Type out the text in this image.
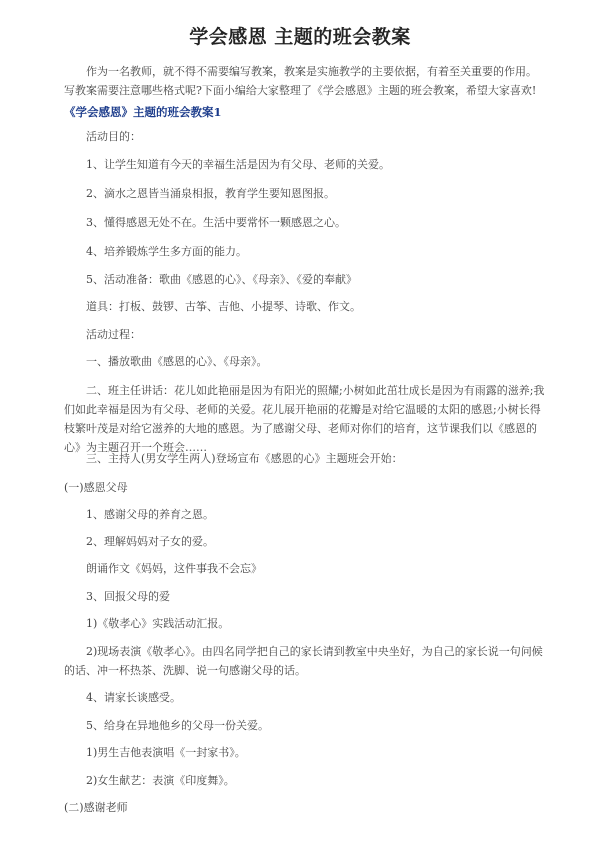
学会感恩 主题的班会教案
作为一名教师，就不得不需要编写教案，教案是实施教学的主要依据，有着至关重要的作用。写教案需要注意哪些格式呢?下面小编给大家整理了《学会感恩》主题的班会教案，希望大家喜欢!
《学会感恩》主题的班会教案1
活动目的：
1、让学生知道有今天的幸福生活是因为有父母、老师的关爱。
2、滴水之恩皆当涌泉相报，教育学生要知恩图报。
3、懂得感恩无处不在。生活中要常怀一颗感恩之心。
4、培养锻炼学生多方面的能力。
5、活动准备：歌曲《感恩的心》、《母亲》、《爱的奉献》
道具：打板、鼓锣、古筝、吉他、小提琴、诗歌、作文。
活动过程：
一、播放歌曲《感恩的心》、《母亲》。
二、班主任讲话：花儿如此艳丽是因为有阳光的照耀;小树如此茁壮成长是因为有雨露的滋养;我们如此幸福是因为有父母、老师的关爱。花儿展开艳丽的花瓣是对给它温暖的太阳的感恩;小树长得枝繁叶茂是对给它滋养的大地的感恩。为了感谢父母、老师对你们的培育，这节课我们以《感恩的心》为主题召开一个班会……
三、主持人(男女学生两人)登场宣布《感恩的心》主题班会开始：
(一)感恩父母
1、感谢父母的养育之恩。
2、理解妈妈对子女的爱。
朗诵作文《妈妈，这件事我不会忘》
3、回报父母的爱
1)《敬孝心》实践活动汇报。
2)现场表演《敬孝心》。由四名同学把自己的家长请到教室中央坐好，为自己的家长说一句问候的话、冲一杯热茶、洗脚、说一句感谢父母的话。
4、请家长谈感受。
5、给身在异地他乡的父母一份关爱。
1)男生吉他表演唱《一封家书》。
2)女生献艺：表演《印度舞》。
(二)感谢老师
